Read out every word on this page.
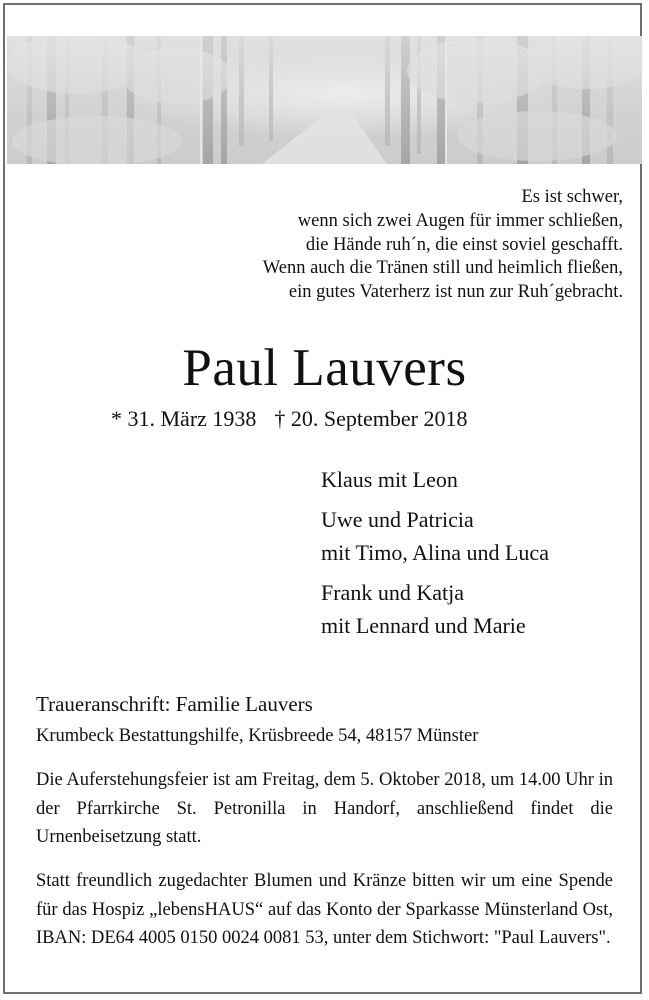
Es ist schwer,
wenn sich zwei Augen für immer schließen,
die Hände ruh´n, die einst soviel geschafft.
Wenn auch die Tränen still und heimlich fließen,
ein gutes Vaterherz ist nun zur Ruh´gebracht.
Paul Lauvers
* 31. März 1938 † 20. September 2018
Klaus mit Leon
Uwe und Patricia
mit Timo, Alina und Luca
Frank und Katja
mit Lennard und Marie
Traueranschrift: Familie Lauvers
Krumbeck Bestattungshilfe, Krüsbreede 54, 48157 Münster
Die Auferstehungsfeier ist am Freitag, dem 5. Oktober 2018, um 14.00 Uhr in der Pfarrkirche St. Petronilla in Handorf, anschließend findet die Urnenbeisetzung statt.
Statt freundlich zugedachter Blumen und Kränze bitten wir um eine Spende für das Hospiz „lebensHAUS“ auf das Konto der Sparkasse Münsterland Ost, IBAN: DE64 4005 0150 0024 0081 53, unter dem Stichwort: "Paul Lauvers".
